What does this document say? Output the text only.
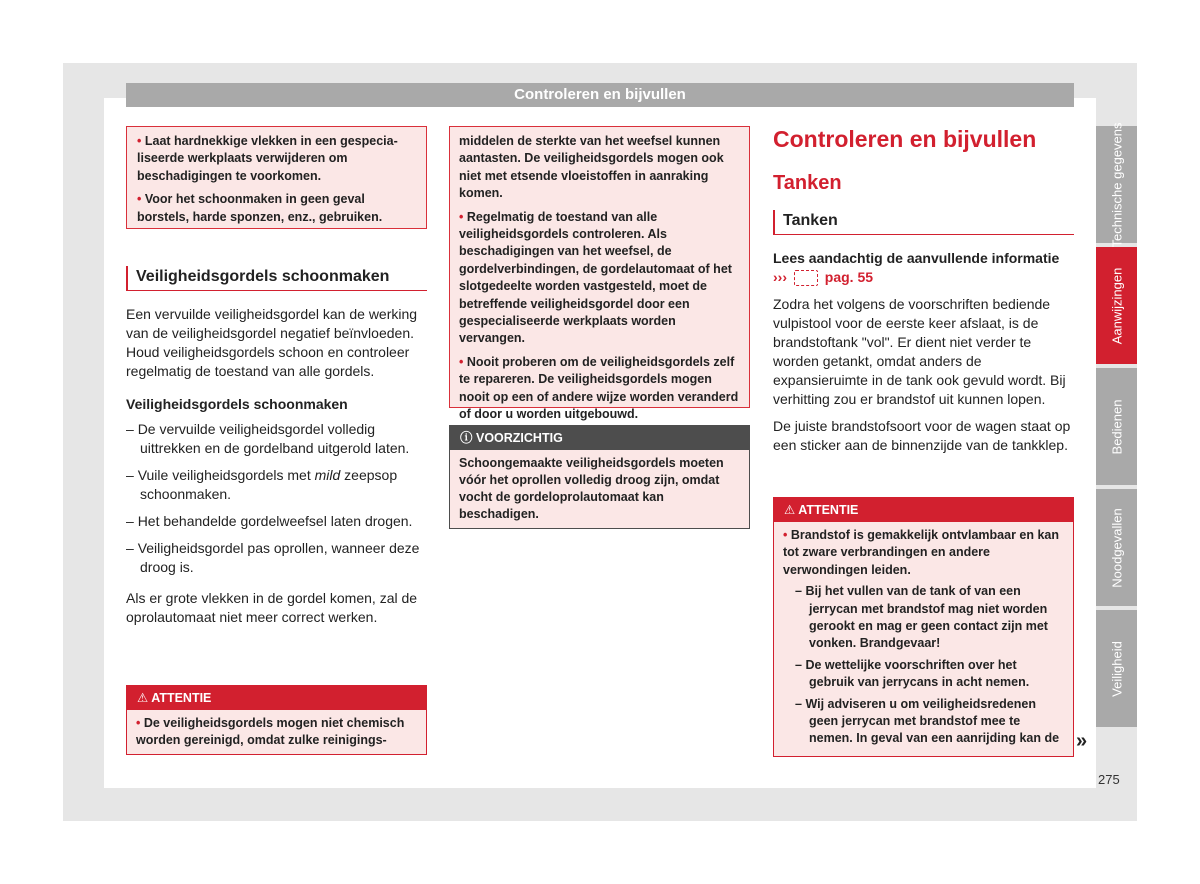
Controleren en bijvullen
• Laat hardnekkige vlekken in een gespecialiseerde werkplaats verwijderen om beschadigingen te voorkomen.
• Voor het schoonmaken in geen geval borstels, harde sponzen, enz., gebruiken.
Veiligheidsgordels schoonmaken

Een vervuilde veiligheidsgordel kan de werking van de veiligheidsgordel negatief beïnvloeden. Houd veiligheidsgordels schoon en controleer regelmatig de toestand van alle gordels.

Veiligheidsgordels schoonmaken
– De vervuilde veiligheidsgordel volledig uittrekken en de gordelband uitgerold laten.
– Vuile veiligheidsgordels met mild zeepsop schoonmaken.
– Het behandelde gordelweefsel laten drogen.
– Veiligheidsgordel pas oprollen, wanneer deze droog is.

Als er grote vlekken in de gordel komen, zal de oprolautomaat niet meer correct werken.

⚠ ATTENTIE
• De veiligheidsgordels mogen niet chemisch worden gereinigd, omdat zulke reinigings-

middelen de sterkte van het weefsel kunnen aantasten. De veiligheidsgordels mogen ook niet met etsende vloeistoffen in aanraking komen.

• Regelmatig de toestand van alle veiligheidsgordels controleren. Als beschadigingen van het weefsel, de gordelverbindingen, de gordelautomaat of het slotgedeelte worden vastgesteld, moet de betreffende veiligheidsgordel door een gespecialiseerde werkplaats worden vervangen.
• Nooit proberen om de veiligheidsgordels zelf te repareren. De veiligheidsgordels mogen nooit op een of andere wijze worden veranderd of door u worden uitgebouwd.
ⓘ VOORZICHTIG
Schoongemaakte veiligheidsgordels moeten vóór het oprollen volledig droog zijn, omdat vocht de gordeloprolautomaat kan beschadigen.
Controleren en bijvullen
Tanken
Tanken
Lees aandachtig de aanvullende informatie
›››	pag. 55

Zodra het volgens de voorschriften bediende vulpistool voor de eerste keer afslaat, is de brandstoftank "vol". Er dient niet verder te worden getankt, omdat anders de expansieruimte in de tank ook gevuld wordt. Bij verhitting zou er brandstof uit kunnen lopen.

De juiste brandstofsoort voor de wagen staat op een sticker aan de binnenzijde van de tankklep.

⚠ ATTENTIE
• Brandstof is gemakkelijk ontvlambaar en kan tot zware verbrandingen en andere verwondingen leiden.
– Bij het vullen van de tank of van een jerrycan met brandstof mag niet worden gerookt en mag er geen contact zijn met vonken. Brandgevaar!
– De wettelijke voorschriften over het gebruik van jerrycans in acht nemen.
– Wij adviseren u om veiligheidsredenen geen jerrycan met brandstof mee te nemen. In geval van een aanrijding kan de »
Technische gegevens
Aanwijzingen
Bedienen
Noodgevallen
Veiligheid
275
